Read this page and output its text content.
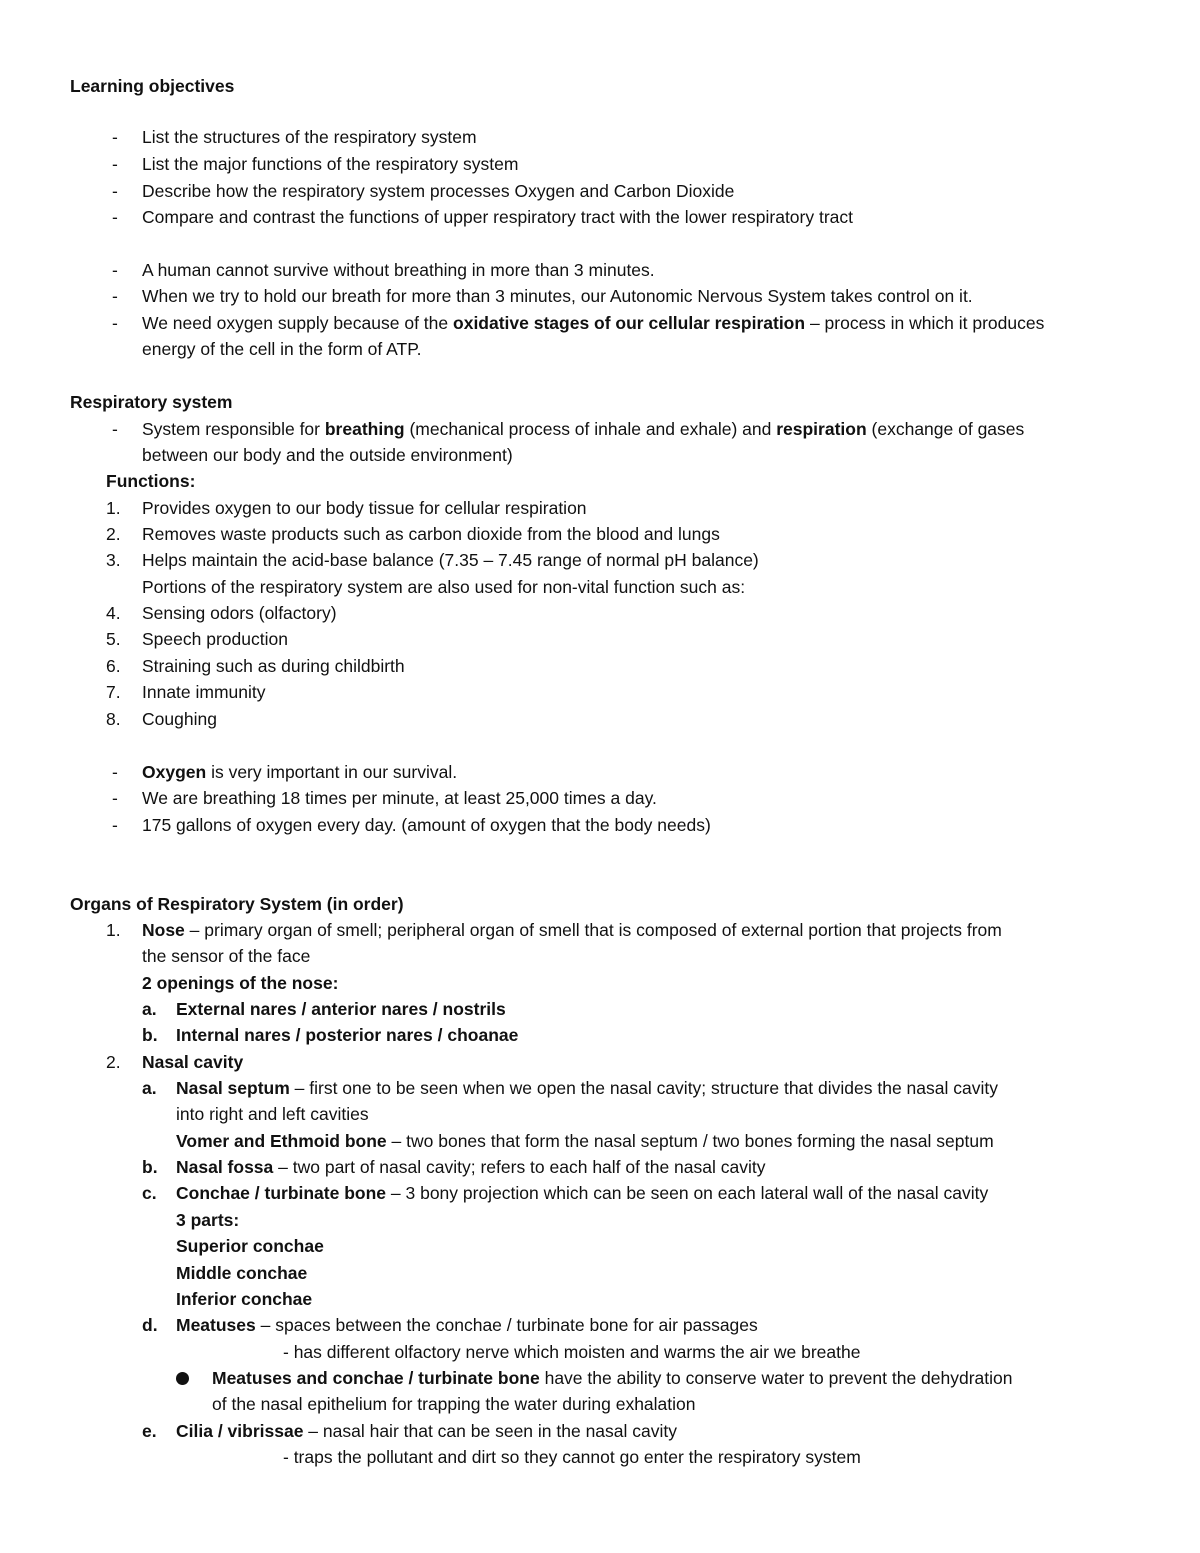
Learning objectives
-	List the structures of the respiratory system
-	List the major functions of the respiratory system
-	Describe how the respiratory system processes Oxygen and Carbon Dioxide
-	Compare and contrast the functions of upper respiratory tract with the lower respiratory tract
-	A human cannot survive without breathing in more than 3 minutes.
-	When we try to hold our breath for more than 3 minutes, our Autonomic Nervous System takes control on it.
-	We need oxygen supply because of the oxidative stages of our cellular respiration – process in which it produces
energy of the cell in the form of ATP.
Respiratory system
-	System responsible for breathing (mechanical process of inhale and exhale) and respiration (exchange of gases
between our body and the outside environment)
Functions:
1.	Provides oxygen to our body tissue for cellular respiration
2.	Removes waste products such as carbon dioxide from the blood and lungs
3.	Helps maintain the acid-base balance (7.35 – 7.45 range of normal pH balance)
Portions of the respiratory system are also used for non-vital function such as:
4.	Sensing odors (olfactory)
5.	Speech production
6.	Straining such as during childbirth
7.	Innate immunity
8.	Coughing
-	Oxygen is very important in our survival.
-	We are breathing 18 times per minute, at least 25,000 times a day.
-	175 gallons of oxygen every day. (amount of oxygen that the body needs)
Organs of Respiratory System (in order)
1.	Nose – primary organ of smell; peripheral organ of smell that is composed of external portion that projects from
the sensor of the face
2 openings of the nose:
a.	External nares / anterior nares / nostrils
b.	Internal nares / posterior nares / choanae
2.	Nasal cavity
a.	Nasal septum – first one to be seen when we open the nasal cavity; structure that divides the nasal cavity
into right and left cavities
Vomer and Ethmoid bone – two bones that form the nasal septum / two bones forming the nasal septum
b.	Nasal fossa – two part of nasal cavity; refers to each half of the nasal cavity
c.	Conchae / turbinate bone – 3 bony projection which can be seen on each lateral wall of the nasal cavity
3 parts:
Superior conchae
Middle conchae
Inferior conchae
d.	Meatuses – spaces between the conchae / turbinate bone for air passages
- has different olfactory nerve which moisten and warms the air we breathe
Meatuses and conchae / turbinate bone have the ability to conserve water to prevent the dehydration
of the nasal epithelium for trapping the water during exhalation
e.	Cilia / vibrissae – nasal hair that can be seen in the nasal cavity
- traps the pollutant and dirt so they cannot go enter the respiratory system
